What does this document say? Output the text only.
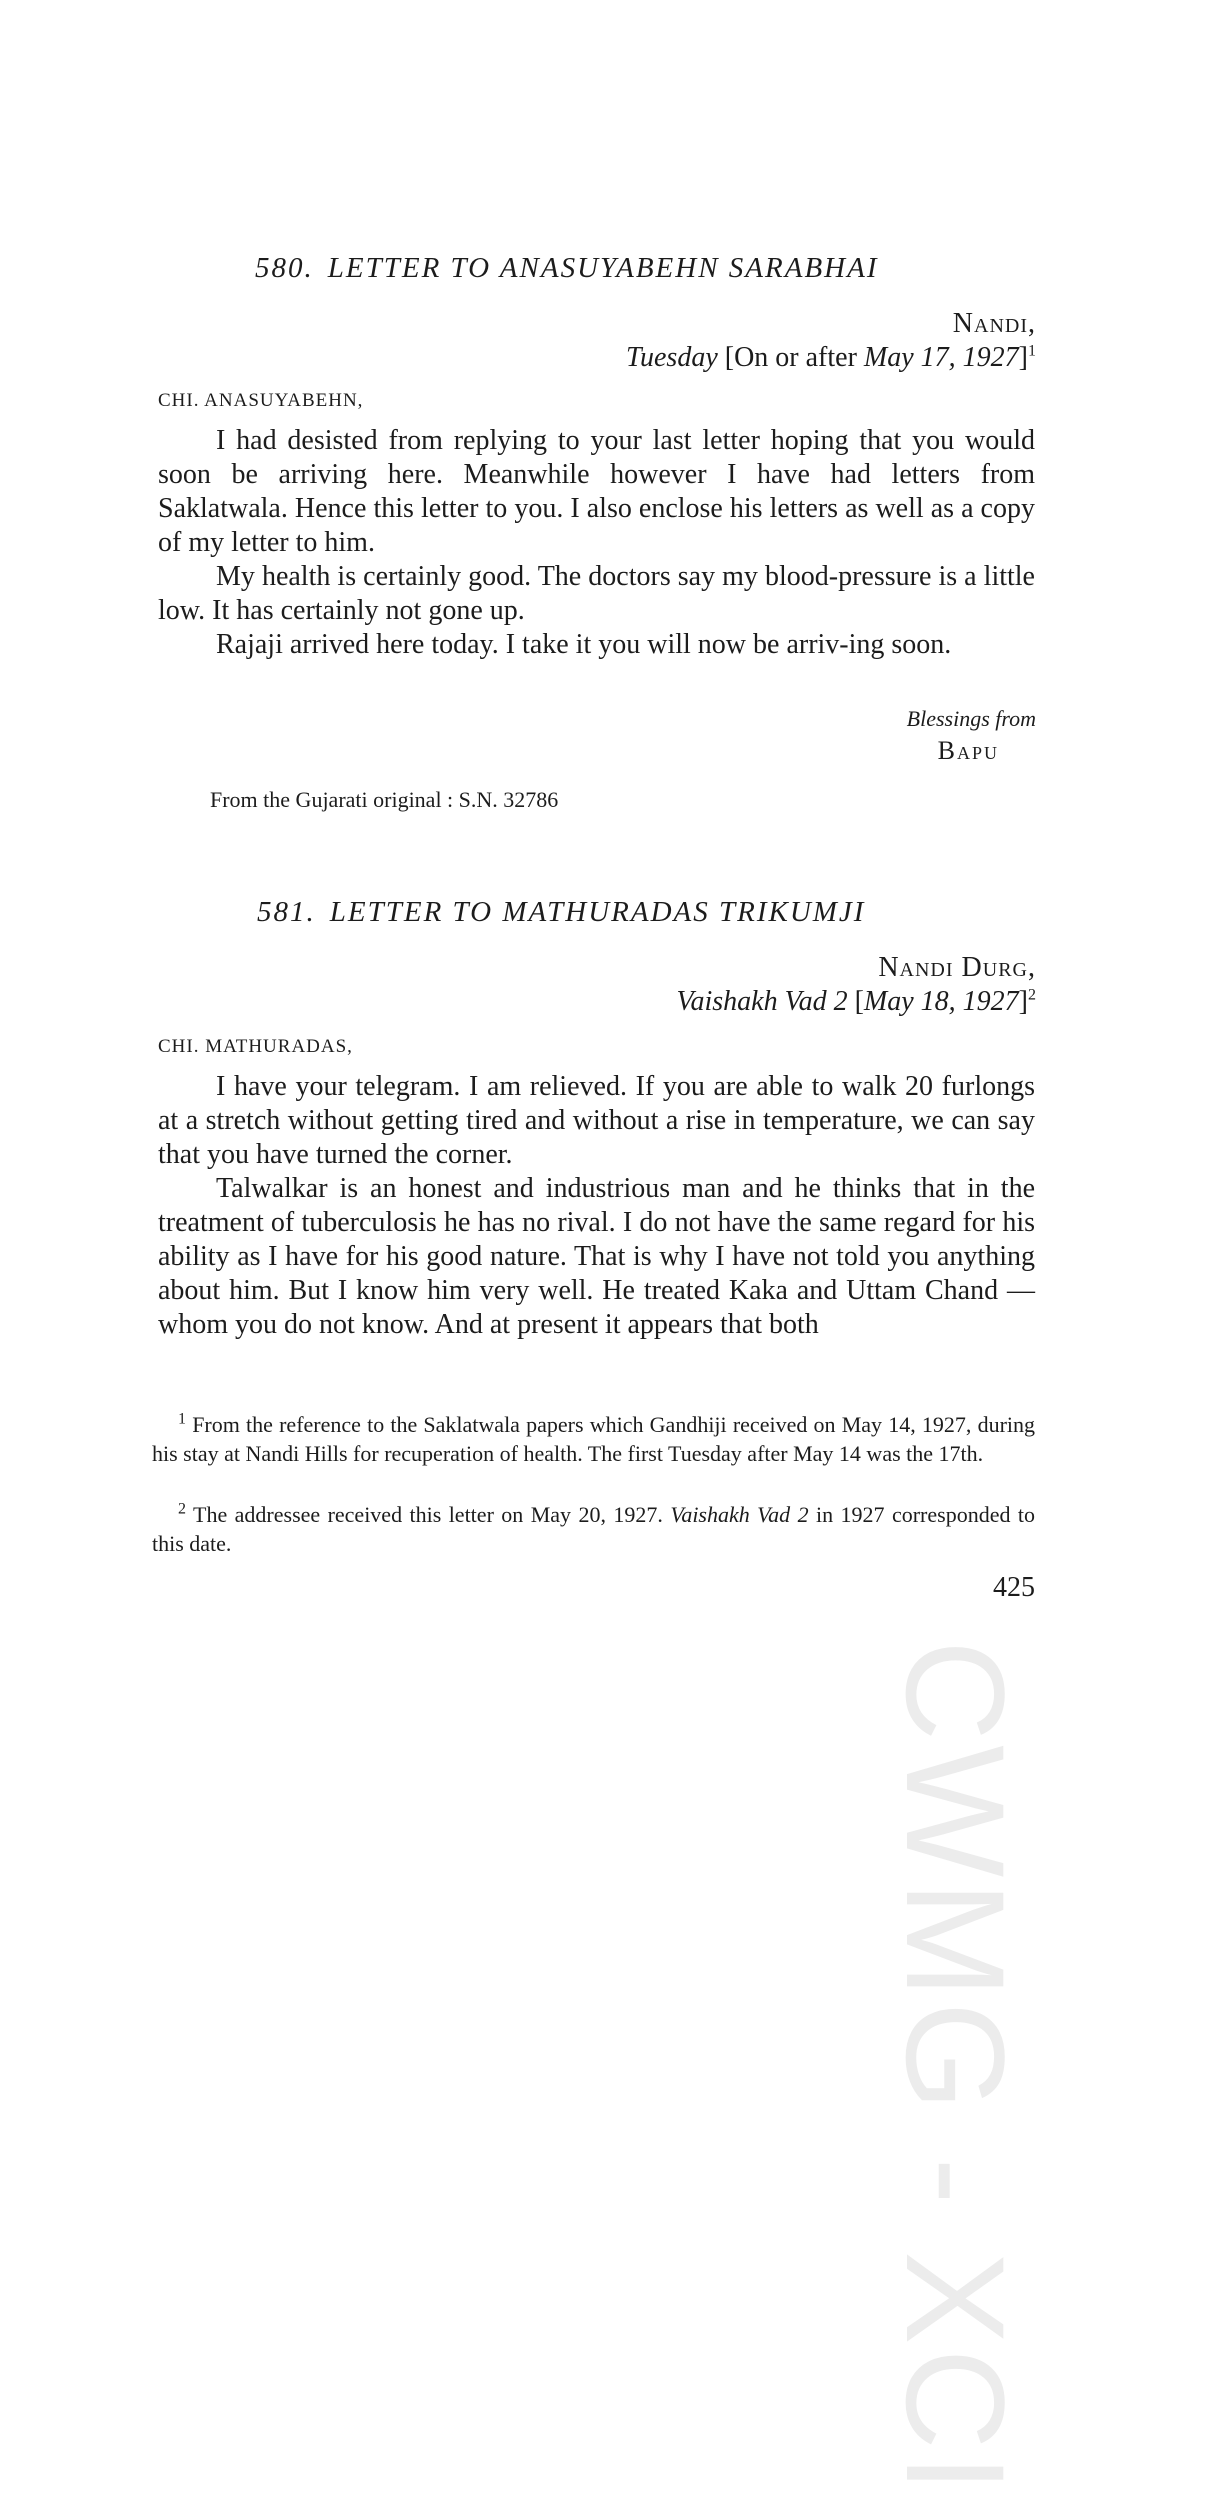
CWMG - XCI
580. LETTER TO ANASUYABEHN SARABHAI
Nandi,
Tuesday [On or after May 17, 1927]$^1$
CHI. ANASUYABEHN,

I had desisted from replying to your last letter hoping that you would soon be arriving here. Meanwhile however I have had letters from Saklatwala. Hence this letter to you. I also enclose his letters as well as a copy of my letter to him.

My health is certainly good. The doctors say my blood-pressure is a little low. It has certainly not gone up.

Rajaji arrived here today. I take it you will now be arriv-ing soon.

Blessings from
Bapu
From the Gujarati original : S.N. 32786
581. LETTER TO MATHURADAS TRIKUMJI
Nandi Durg,
Vaishakh Vad 2 [May 18, 1927]$^2$
CHI. MATHURADAS,

I have your telegram. I am relieved. If you are able to walk 20 furlongs at a stretch without getting tired and without a rise in temperature, we can say that you have turned the corner.

Talwalkar is an honest and industrious man and he thinks that in the treatment of tuberculosis he has no rival. I do not have the same regard for his ability as I have for his good nature. That is why I have not told you anything about him. But I know him very well. He treated Kaka and Uttam Chand — whom you do not know. And at present it appears that both

$^1$ From the reference to the Saklatwala papers which Gandhiji received on May 14, 1927, during his stay at Nandi Hills for recuperation of health. The first Tuesday after May 14 was the 17th.

$^2$ The addressee received this letter on May 20, 1927. Vaishakh Vad 2 in 1927 corresponded to this date.

425
